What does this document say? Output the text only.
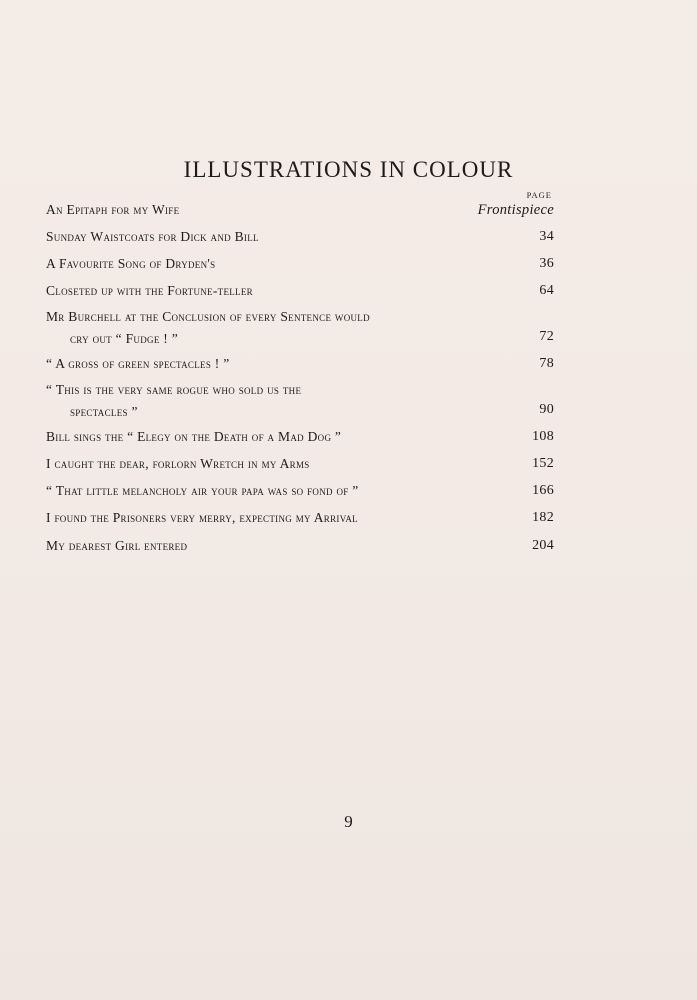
ILLUSTRATIONS IN COLOUR
PAGE
An Epitaph for my Wife	Frontispiece
Sunday Waistcoats for Dick and Bill	34
A Favourite Song of Dryden's	36
Closeted up with the Fortune-teller	64
Mr Burchell at the Conclusion of every Sentence would
cry out “ Fudge ! ”	72
“ A gross of green spectacles ! ”	78
“ This is the very same rogue who sold us the
spectacles ”	90
Bill sings the “ Elegy on the Death of a Mad Dog ”	108
I caught the dear, forlorn Wretch in my Arms	152
“ That little melancholy air your papa was so fond of ”	166
I found the Prisoners very merry, expecting my Arrival	182
My dearest Girl entered	204
9
